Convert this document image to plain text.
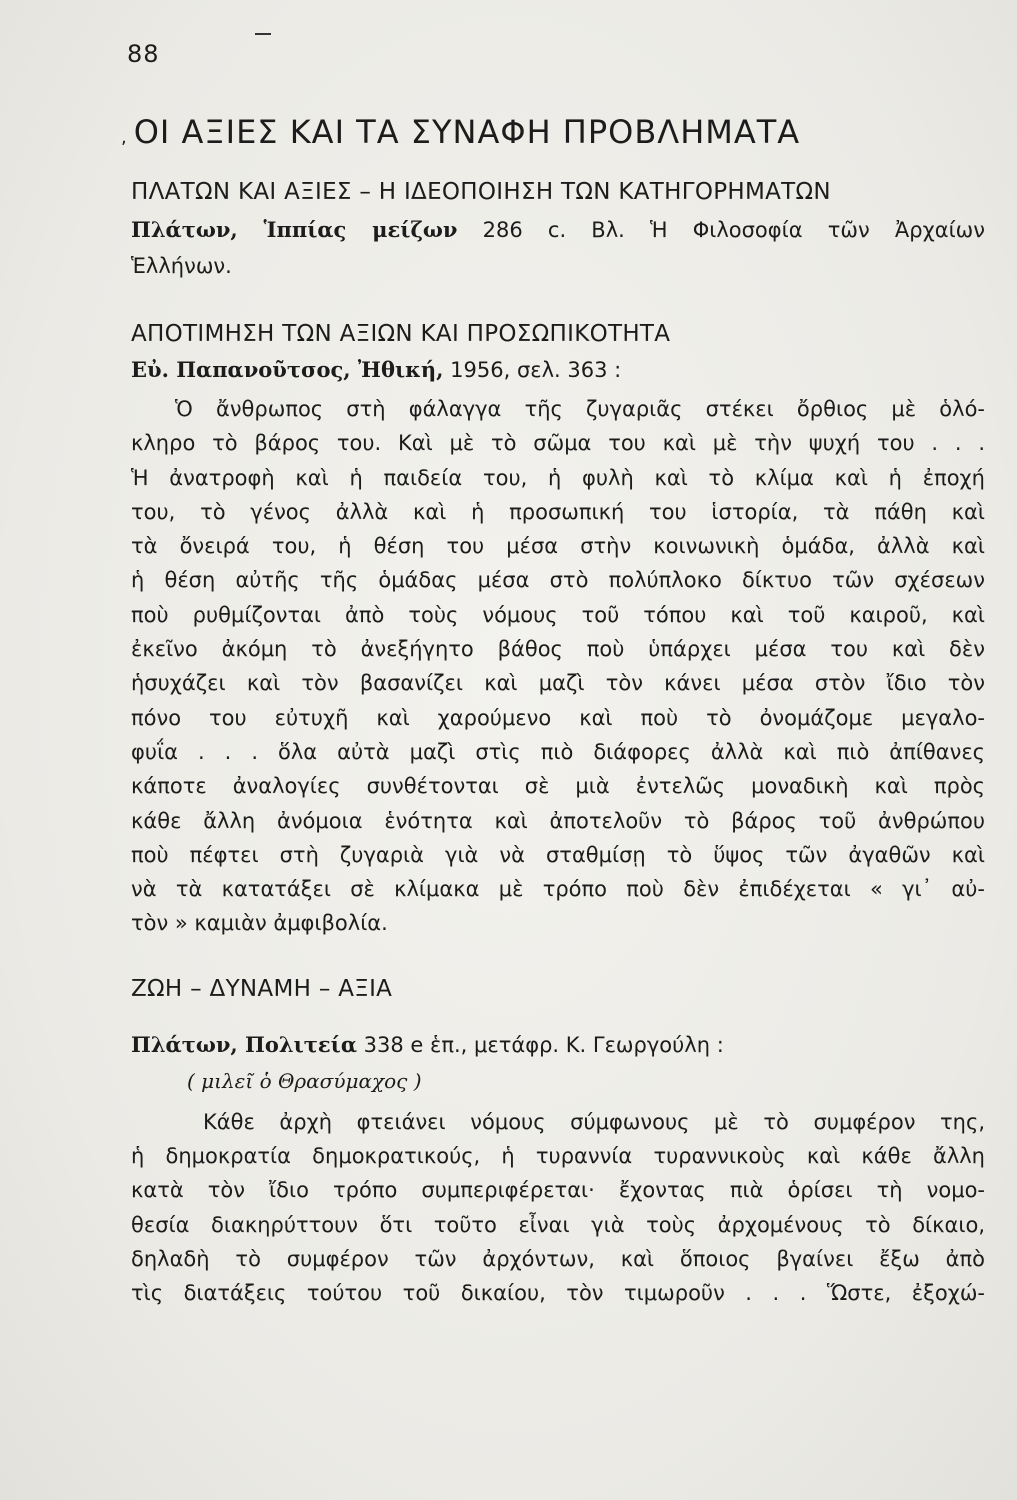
88
, ΟΙ ΑΞΙΕΣ ΚΑΙ ΤΑ ΣΥΝΑΦΗ ΠΡΟΒΛΗΜΑΤΑ
ΠΛΑΤΩΝ ΚΑΙ ΑΞΙΕΣ – Η ΙΔΕΟΠΟΙΗΣΗ ΤΩΝ ΚΑΤΗΓΟΡΗΜΑΤΩΝ
Πλάτων, Ἱππίας μείζων 286 c. Βλ. Ἡ Φιλοσοφία τῶν Ἀρχαίων
Ἑλλήνων.
ΑΠΟΤΙΜΗΣΗ ΤΩΝ ΑΞΙΩΝ ΚΑΙ ΠΡΟΣΩΠΙΚΟΤΗΤΑ
Εὐ. Παπανοῦτσος, Ἠθική, 1956, σελ. 363 :
Ὁ ἄνθρωπος στὴ φάλαγγα τῆς ζυγαριᾶς στέκει ὄρθιος μὲ ὁλό-
κληρο τὸ βάρος του. Καὶ μὲ τὸ σῶμα του καὶ μὲ τὴν ψυχή του . . .
Ἡ ἀνατροφὴ καὶ ἡ παιδεία του, ἡ φυλὴ καὶ τὸ κλίμα καὶ ἡ ἐποχή
του, τὸ γένος ἀλλὰ καὶ ἡ προσωπική του ἱστορία, τὰ πάθη καὶ
τὰ ὄνειρά του, ἡ θέση του μέσα στὴν κοινωνικὴ ὁμάδα, ἀλλὰ καὶ
ἡ θέση αὐτῆς τῆς ὁμάδας μέσα στὸ πολύπλοκο δίκτυο τῶν σχέσεων
ποὺ ρυθμίζονται ἀπὸ τοὺς νόμους τοῦ τόπου καὶ τοῦ καιροῦ, καὶ
ἐκεῖνο ἀκόμη τὸ ἀνεξήγητο βάθος ποὺ ὑπάρχει μέσα του καὶ δὲν
ἡσυχάζει καὶ τὸν βασανίζει καὶ μαζὶ τὸν κάνει μέσα στὸν ἴδιο τὸν
πόνο του εὐτυχῆ καὶ χαρούμενο καὶ ποὺ τὸ ὀνομάζομε μεγαλο-
φυΐα . . . ὅλα αὐτὰ μαζὶ στὶς πιὸ διάφορες ἀλλὰ καὶ πιὸ ἀπίθανες
κάποτε ἀναλογίες συνθέτονται σὲ μιὰ ἐντελῶς μοναδικὴ καὶ πρὸς
κάθε ἄλλη ἀνόμοια ἑνότητα καὶ ἀποτελοῦν τὸ βάρος τοῦ ἀνθρώπου
ποὺ πέφτει στὴ ζυγαριὰ γιὰ νὰ σταθμίσῃ τὸ ὕψος τῶν ἀγαθῶν καὶ
νὰ τὰ κατατάξει σὲ κλίμακα μὲ τρόπο ποὺ δὲν ἐπιδέχεται « γι᾿ αὐ-
τὸν » καμιὰν ἀμφιβολία.
ΖΩΗ – ΔΥΝΑΜΗ – ΑΞΙΑ
Πλάτων, Πολιτεία 338 e ἑπ., μετάφρ. Κ. Γεωργούλη :
( μιλεῖ ὁ Θρασύμαχος )
Κάθε ἀρχὴ φτειάνει νόμους σύμφωνους μὲ τὸ συμφέρον της,
ἡ δημοκρατία δημοκρατικούς, ἡ τυραννία τυραννικοὺς καὶ κάθε ἄλλη
κατὰ τὸν ἴδιο τρόπο συμπεριφέρεται· ἔχοντας πιὰ ὁρίσει τὴ νομο-
θεσία διακηρύττουν ὅτι τοῦτο εἶναι γιὰ τοὺς ἀρχομένους τὸ δίκαιο,
δηλαδὴ τὸ συμφέρον τῶν ἀρχόντων, καὶ ὅποιος βγαίνει ἔξω ἀπὸ
τὶς διατάξεις τούτου τοῦ δικαίου, τὸν τιμωροῦν . . . Ὥστε, ἐξοχώ-
